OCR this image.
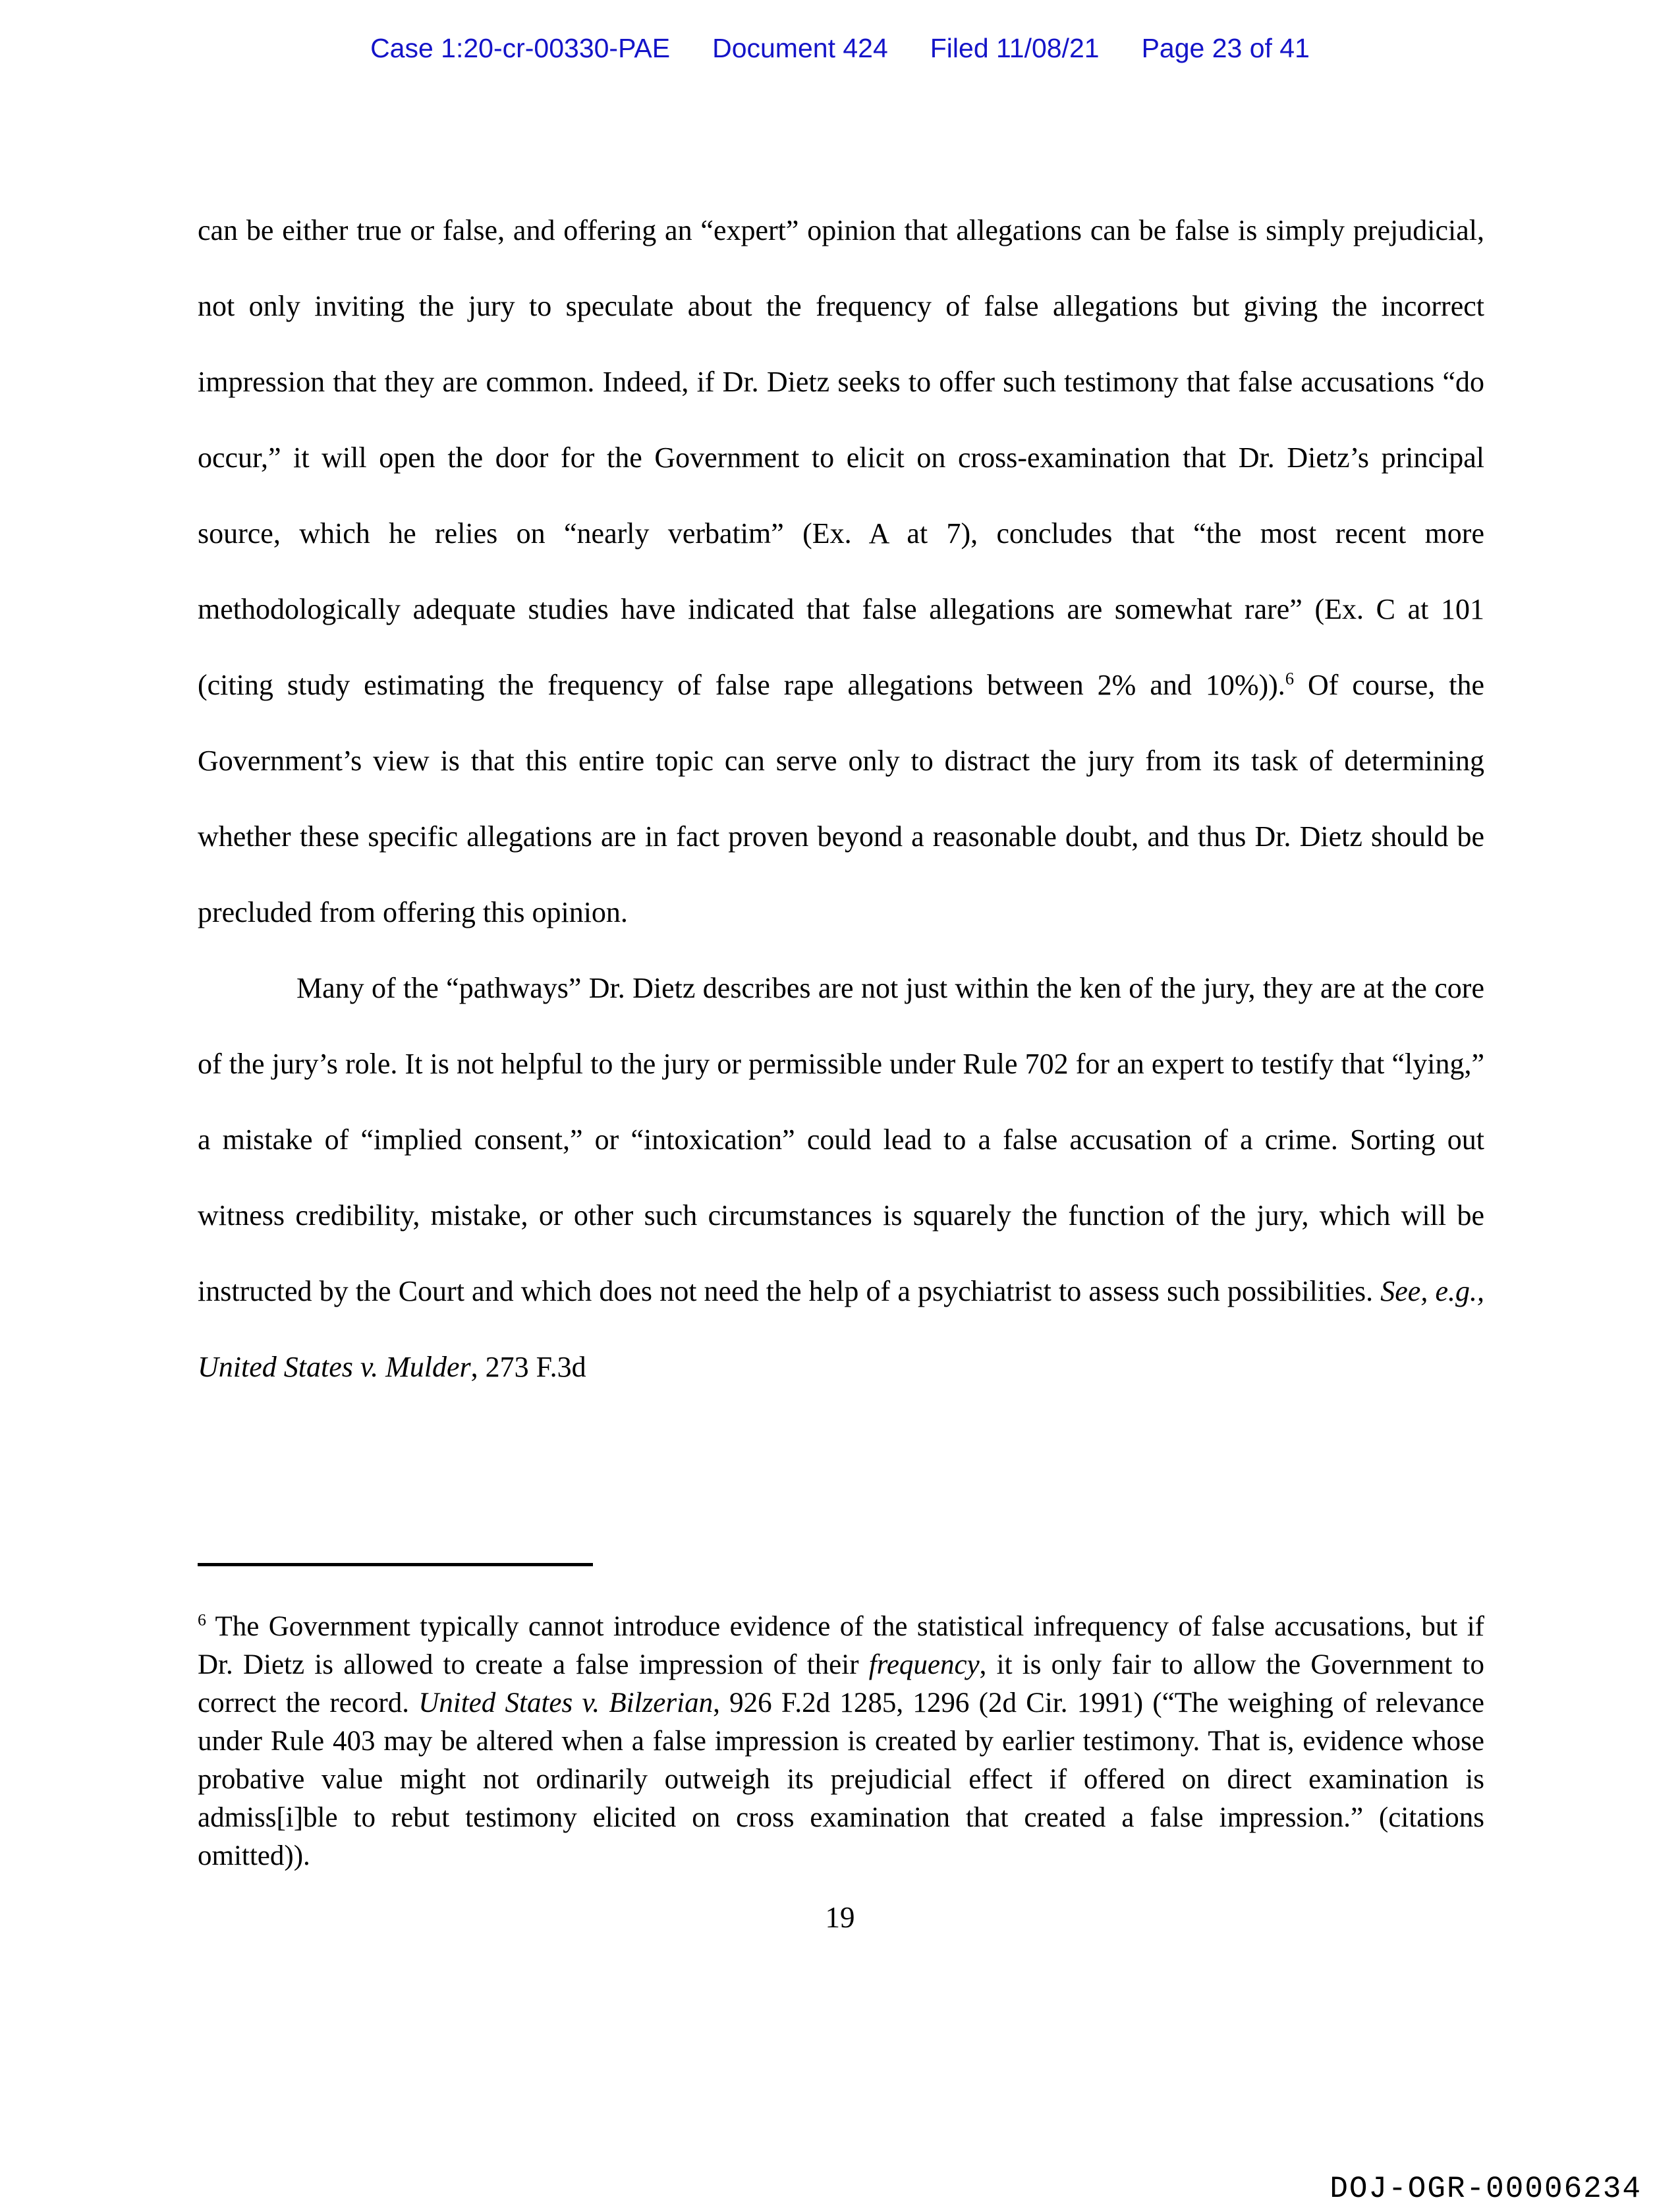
Case 1:20-cr-00330-PAE Document 424 Filed 11/08/21 Page 23 of 41
can be either true or false, and offering an “expert” opinion that allegations can be false is simply prejudicial, not only inviting the jury to speculate about the frequency of false allegations but giving the incorrect impression that they are common. Indeed, if Dr. Dietz seeks to offer such testimony that false accusations “do occur,” it will open the door for the Government to elicit on cross-examination that Dr. Dietz’s principal source, which he relies on “nearly verbatim” (Ex. A at 7), concludes that “the most recent more methodologically adequate studies have indicated that false allegations are somewhat rare” (Ex. C at 101 (citing study estimating the frequency of false rape allegations between 2% and 10%)).$^6$ Of course, the Government’s view is that this entire topic can serve only to distract the jury from its task of determining whether these specific allegations are in fact proven beyond a reasonable doubt, and thus Dr. Dietz should be precluded from offering this opinion.
Many of the “pathways” Dr. Dietz describes are not just within the ken of the jury, they are at the core of the jury’s role. It is not helpful to the jury or permissible under Rule 702 for an expert to testify that “lying,” a mistake of “implied consent,” or “intoxication” could lead to a false accusation of a crime. Sorting out witness credibility, mistake, or other such circumstances is squarely the function of the jury, which will be instructed by the Court and which does not need the help of a psychiatrist to assess such possibilities. See, e.g., United States v. Mulder, 273 F.3d
$^6$ The Government typically cannot introduce evidence of the statistical infrequency of false accusations, but if Dr. Dietz is allowed to create a false impression of their frequency, it is only fair to allow the Government to correct the record. United States v. Bilzerian, 926 F.2d 1285, 1296 (2d Cir. 1991) (“The weighing of relevance under Rule 403 may be altered when a false impression is created by earlier testimony. That is, evidence whose probative value might not ordinarily outweigh its prejudicial effect if offered on direct examination is admiss[i]ble to rebut testimony elicited on cross examination that created a false impression.” (citations omitted)).
19
DOJ-OGR-00006234
